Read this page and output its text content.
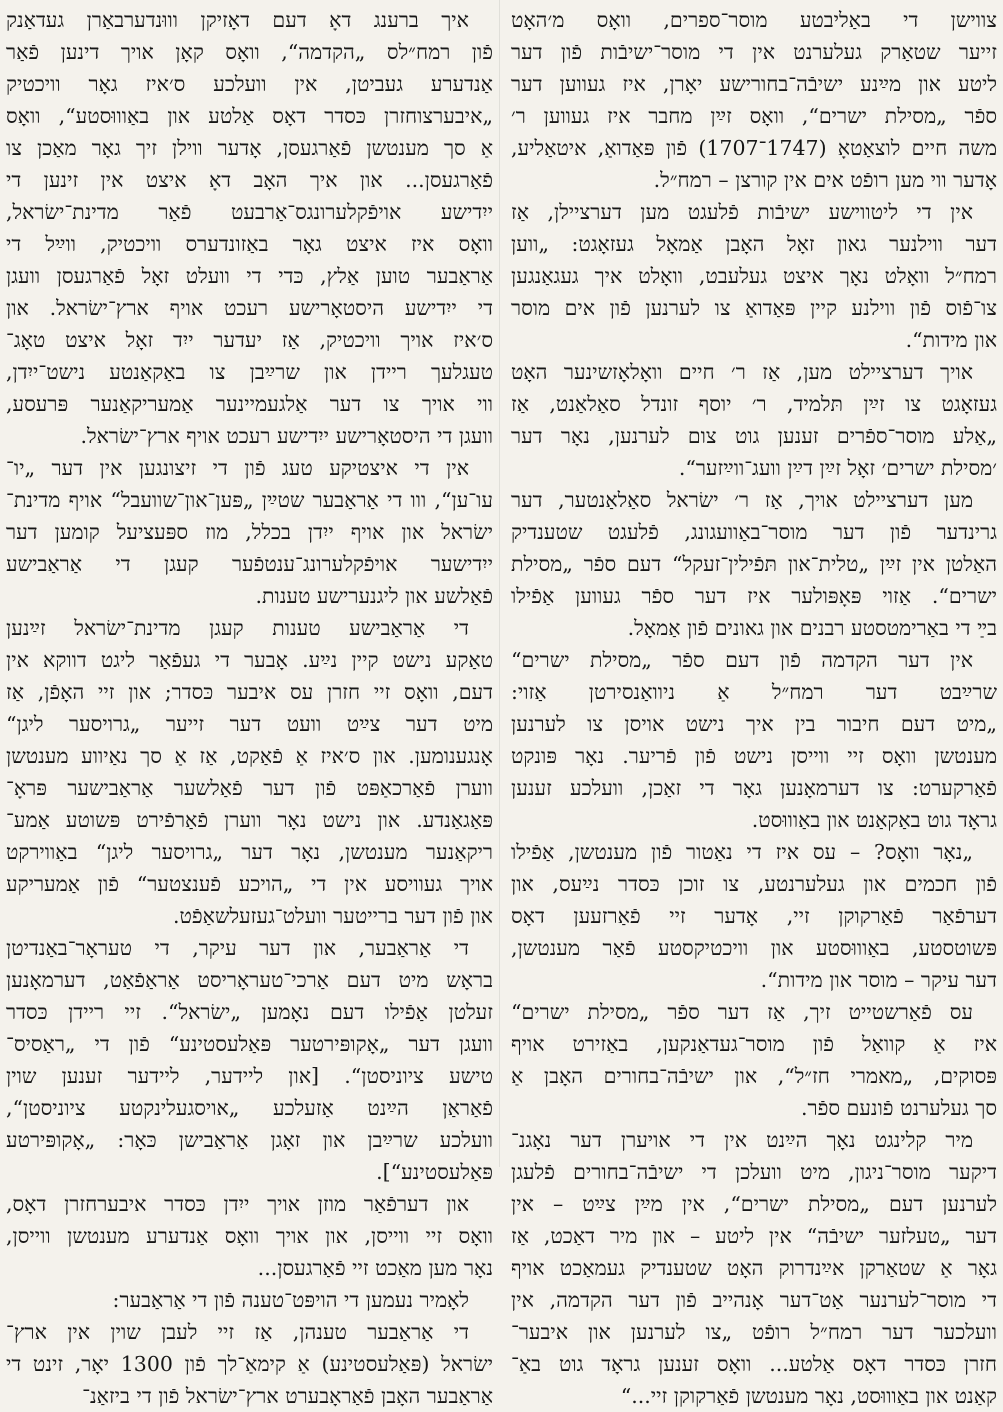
צווישן די באַליבטע מוסר־ספרים, וואָס מ׳האָט
זייער שטאַרק געלערנט אין די מוסר־ישיבֿות פֿון דער
ליטע און מײַנע ישיבֿה־בחורישע יאָרן, איז געווען דער
ספֿר „מסילת ישרים“, וואָס זײַן מחבר איז געווען ר׳
משה חיים לוצאַטאָ (1747־1707) פֿון פּאַדואַ, איטאַליע,
אָדער ווי מען רופֿט אים אין קורצן – רמח״ל.
אין די ליטווישע ישיבֿות פֿלעגט מען דערציילן, אַז
דער ווילנער גאון זאָל האָבן אַמאָל געזאָגט: „ווען
רמח״ל וואָלט נאָך איצט געלעבט, וואָלט איך געגאַנגען
צו־פֿוס פֿון ווילנע קיין פּאַדואַ צו לערנען פֿון אים מוסר
און מידות“.
אויך דערציילט מען, אַז ר׳ חיים וואָלאָזשינער האָט
געזאָגט צו זײַן תּלמיד, ר׳ יוסף זונדל סאַלאַנט, אַז
„אַלע מוסר־ספֿרים זענען גוט צום לערנען, נאָר דער
׳מסילת ישרים׳ זאָל זײַן דײַן וועג־ווײַזער“.
מען דערציילט אויך, אַז ר׳ ישׂראל סאַלאַנטער, דער
גרינדער פֿון דער מוסר־באַוועגונג, פֿלעגט שטענדיק
האַלטן אין זײַן „טלית־און תּפֿילין־זעקל“ דעם ספֿר „מסילת
ישרים“. אַזוי פּאָפּולער איז דער ספֿר געווען אַפֿילו
בײַ די באַרימטסטע רבנים און גאונים פֿון אַמאָל.
אין דער הקדמה פֿון דעם ספֿר „מסילת ישרים“
שרײַבט דער רמח״ל אַ ניוואַנסירטן אַזוי:
„מיט דעם חיבור בין איך נישט אויסן צו לערנען
מענטשן וואָס זיי ווייסן נישט פֿון פֿריער. נאָר פּונקט
פֿאַרקערט: צו דערמאָנען גאָר די זאַכן, וועלכע זענען
גראָד גוט באַקאַנט און באַוווּסט.
„נאָר וואָס? – עס איז די נאַטור פֿון מענטשן, אַפֿילו
פֿון חכמים און געלערנטע, צו זוכן כּסדר נײַעס, און
דערפֿאַר פֿאַרקוקן זיי, אָדער זיי פֿאַרזעען דאָס
פּשוטסטע, באַוווּסטע און וויכטיקסטע פֿאַר מענטשן,
דער עיקר – מוסר און מידות“.
עס פֿאַרשטייט זיך, אַז דער ספֿר „מסילת ישרים“
איז אַ קוואַל פֿון מוסר־געדאַנקען, באַזירט אויף
פּסוקים, „מאמרי חז״ל“, און ישיבֿה־בחורים האָבן אַ
סך געלערנט פֿונעם ספֿר.
מיר קלינגט נאָך הײַנט אין די אויערן דער נאָגנ־
דיקער מוסר־ניגון, מיט וועלכן די ישיבֿה־בחורים פֿלעגן
לערנען דעם „מסילת ישרים“, אין מײַן צײַט – אין
דער „טעלזער ישיבֿה“ אין ליטע – און מיר דאַכט, אַז
גאָר אַ שטאַרקן אײַנדרוק האָט שטענדיק געמאַכט אויף
די מוסר־לערנער אַט־דער אָנהייב פֿון דער הקדמה, אין
וועלכער דער רמח״ל רופֿט „צו לערנען און איבער־
חזרן כּסדר דאָס אַלטע... וואָס זענען גראָד גוט באַ־
קאַנט און באַוווּסט, נאָר מענטשן פֿאַרקוקן זיי...“
איך ברענג דאָ דעם דאָזיקן וווּנדערבאַרן געדאַנק
פֿון רמח״לס „הקדמה“, וואָס קאָן אויך דינען פֿאַר
אַנדערע געביטן, אין וועלכע ס׳איז גאָר וויכטיק
„איבערצוחזרן כּסדר דאָס אַלטע און באַוווּסטע“, וואָס
אַ סך מענטשן פֿאַרגעסן, אָדער ווילן זיך גאָר מאַכן צו
פֿאַרגעסן... און איך האָב דאָ איצט אין זינען די
ייִדישע אויפֿקלערונגס־אַרבעט פֿאַר מדינת־ישׂראל,
וואָס איז איצט גאָר באַזונדערס וויכטיק, ווײַל די
אַראַבער טוען אַלץ, כּדי די וועלט זאָל פֿאַרגעסן וועגן
די ייִדישע היסטאָרישע רעכט אויף ארץ־ישׂראל. און
ס׳איז אויך וויכטיק, אַז יעדער ייִד זאָל איצט טאָג־
טעגלעך ריידן און שרײַבן צו באַקאַנטע נישט־ייִדן,
ווי אויך צו דער אַלגעמיינער אַמעריקאַנער פּרעסע,
וועגן די היסטאָרישע ייִדישע רעכט אויף ארץ־ישׂראל.
אין די איצטיקע טעג פֿון די זיצונגען אין דער „יו־
עו־ען“, ווו די אַראַבער שטײַן „פּען־און־שוועבל“ אויף מדינת־
ישׂראל און אויף ייִדן בכלל, מוז ספּעציעל קומען דער
ייִדישער אויפֿקלערונג־ענטפֿער קעגן די אַראַבישע
פֿאַלשע און ליגנערישע טענות.
די אַראַבישע טענות קעגן מדינת־ישׂראל זײַנען
טאַקע נישט קיין נײַע. אָבער די געפֿאַר ליגט דווקא אין
דעם, וואָס זיי חזרן עס איבער כּסדר; און זיי האָפֿן, אַז
מיט דער צײַט וועט דער זייער „גרויסער ליגן“
אָנגענומען. און ס׳איז אַ פֿאַקט, אַז אַ סך נאַיווע מענטשן
ווערן פֿאַרכאַפּט פֿון דער פֿאַלשער אַראַבישער פּראָ־
פּאַגאַנדע. און נישט נאָר ווערן פֿאַרפֿירט פּשוטע אַמע־
ריקאַנער מענטשן, נאָר דער „גרויסער ליגן“ באַווירקט
אויך געוויסע אין די „הויכע פֿענצטער“ פֿון אַמעריקע
און פֿון דער ברייטער וועלט־געזעלשאַפֿט.
די אַראַבער, און דער עיקר, די טעראָר־באַנדיטן
בראָש מיט דעם אַרכי־טעראָריסט אַראַפֿאַט, דערמאָנען
זעלטן אַפֿילו דעם נאָמען „ישׂראל“. זיי ריידן כּסדר
וועגן דער „אָקופּירטער פּאַלעסטינע“ פֿון די „ראַסיס־
טישע ציוניסטן“. [און ליידער, ליידער זענען שוין
פֿאַראַן הײַנט אַזעלכע „אויסגעלינקטע ציוניסטן“,
וועלכע שרײַבן און זאָגן אַראַבישן כּאָר: „אָקופּירטע
פּאַלעסטינע“].
און דערפֿאַר מוזן אויך ייִדן כּסדר איבערחזרן דאָס,
וואָס זיי ווייסן, און אויך וואָס אַנדערע מענטשן ווייסן,
נאָר מען מאַכט זיי פֿאַרגעסן...
לאָמיר נעמען די הויפּט־טענה פֿון די אַראַבער:
די אַראַבער טענהן, אַז זיי לעבן שוין אין ארץ־
ישׂראל (פּאַלעסטינע) אַ קימאַ־לך פֿון 1300 יאָר, זינט די
אַראַבער האָבן פֿאַראָבערט ארץ־ישׂראל פֿון די ביזאַנ־
